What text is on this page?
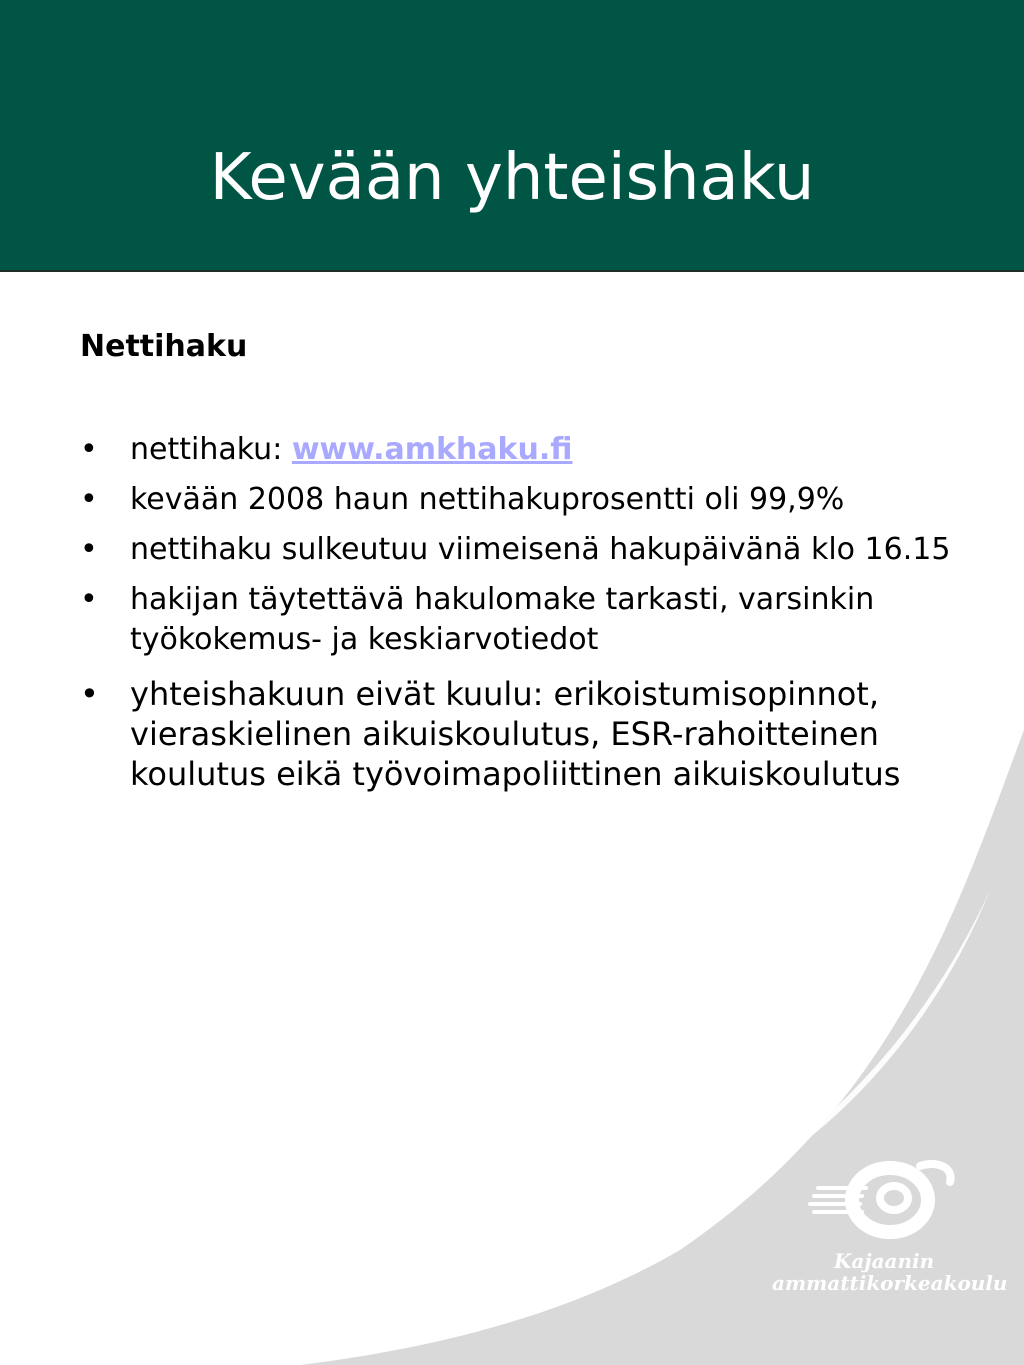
Kevään yhteishaku
Nettihaku
• nettihaku: www.amkhaku.fi
• kevään 2008 haun nettihakuprosentti oli 99,9%
• nettihaku sulkeutuu viimeisenä hakupäivänä klo 16.15
• hakijan täytettävä hakulomake tarkasti, varsinkin työkokemus- ja keskiarvotiedot
• yhteishakuun eivät kuulu: erikoistumisopinnot, vieraskielinen aikuiskoulutus, ESR-rahoitteinen koulutus eikä työvoimapoliittinen aikuiskoulutus
Kajaanin
ammattikorkeakoulu
